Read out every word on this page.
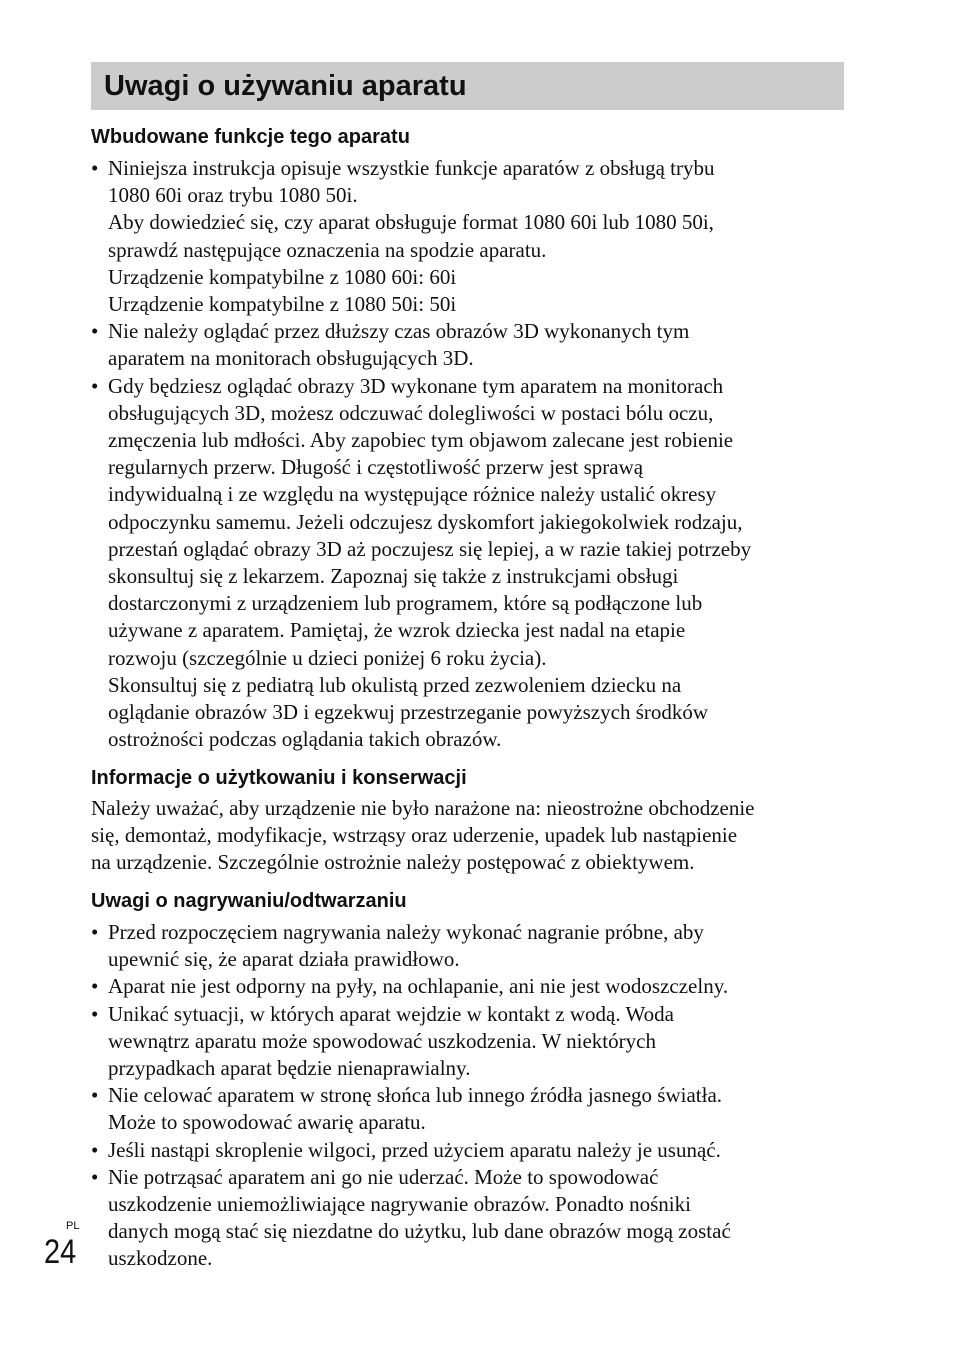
Uwagi o używaniu aparatu
Wbudowane funkcje tego aparatu
• Niniejsza instrukcja opisuje wszystkie funkcje aparatów z obsługą trybu
1080 60i oraz trybu 1080 50i.
Aby dowiedzieć się, czy aparat obsługuje format 1080 60i lub 1080 50i,
sprawdź następujące oznaczenia na spodzie aparatu.
Urządzenie kompatybilne z 1080 60i: 60i
Urządzenie kompatybilne z 1080 50i: 50i
• Nie należy oglądać przez dłuższy czas obrazów 3D wykonanych tym
aparatem na monitorach obsługujących 3D.
• Gdy będziesz oglądać obrazy 3D wykonane tym aparatem na monitorach
obsługujących 3D, możesz odczuwać dolegliwości w postaci bólu oczu,
zmęczenia lub mdłości. Aby zapobiec tym objawom zalecane jest robienie
regularnych przerw. Długość i częstotliwość przerw jest sprawą
indywidualną i ze względu na występujące różnice należy ustalić okresy
odpoczynku samemu. Jeżeli odczujesz dyskomfort jakiegokolwiek rodzaju,
przestań oglądać obrazy 3D aż poczujesz się lepiej, a w razie takiej potrzeby
skonsultuj się z lekarzem. Zapoznaj się także z instrukcjami obsługi
dostarczonymi z urządzeniem lub programem, które są podłączone lub
używane z aparatem. Pamiętaj, że wzrok dziecka jest nadal na etapie
rozwoju (szczególnie u dzieci poniżej 6 roku życia).
Skonsultuj się z pediatrą lub okulistą przed zezwoleniem dziecku na
oglądanie obrazów 3D i egzekwuj przestrzeganie powyższych środków
ostrożności podczas oglądania takich obrazów.
Informacje o użytkowaniu i konserwacji

Należy uważać, aby urządzenie nie było narażone na: nieostrożne obchodzenie
się, demontaż, modyfikacje, wstrząsy oraz uderzenie, upadek lub nastąpienie
na urządzenie. Szczególnie ostrożnie należy postępować z obiektywem.

Uwagi o nagrywaniu/odtwarzaniu
• Przed rozpoczęciem nagrywania należy wykonać nagranie próbne, aby
upewnić się, że aparat działa prawidłowo.
• Aparat nie jest odporny na pyły, na ochlapanie, ani nie jest wodoszczelny.
• Unikać sytuacji, w których aparat wejdzie w kontakt z wodą. Woda
wewnątrz aparatu może spowodować uszkodzenia. W niektórych
przypadkach aparat będzie nienaprawialny.
• Nie celować aparatem w stronę słońca lub innego źródła jasnego światła.
Może to spowodować awarię aparatu.
• Jeśli nastąpi skroplenie wilgoci, przed użyciem aparatu należy je usunąć.
• Nie potrząsać aparatem ani go nie uderzać. Może to spowodować
uszkodzenie uniemożliwiające nagrywanie obrazów. Ponadto nośniki
danych mogą stać się niezdatne do użytku, lub dane obrazów mogą zostać
uszkodzone.
PL
24
